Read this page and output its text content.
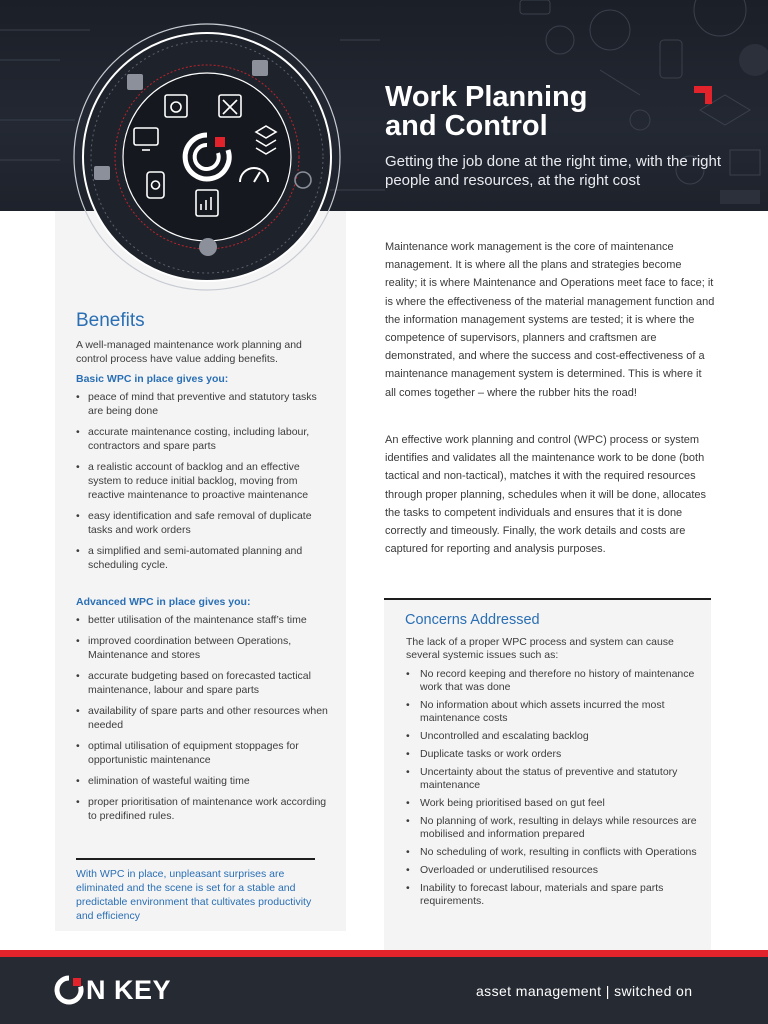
Work Planning
and Control
Getting the job done at the right time, with the right people and resources, at the right cost
Benefits
A well-managed maintenance work planning and control process have value adding benefits.
Basic WPC in place gives you:
• peace of mind that preventive and statutory tasks are being done
• accurate maintenance costing, including labour, contractors and spare parts
• a realistic account of backlog and an effective system to reduce initial backlog, moving from reactive maintenance to proactive maintenance
• easy identification and safe removal of duplicate tasks and work orders
• a simplified and semi-automated planning and scheduling cycle.
Advanced WPC in place gives you:
• better utilisation of the maintenance staff’s time
• improved coordination between Operations, Maintenance and stores
• accurate budgeting based on forecasted tactical maintenance, labour and spare parts
• availability of spare parts and other resources when needed
• optimal utilisation of equipment stoppages for opportunistic maintenance
• elimination of wasteful waiting time
• proper prioritisation of maintenance work according to predifined rules.
With WPC in place, unpleasant surprises are eliminated and the scene is set for a stable and predictable environment that cultivates productivity and efficiency

Maintenance work management is the core of maintenance management. It is where all the plans and strategies become reality; it is where Maintenance and Operations meet face to face; it is where the effectiveness of the material management function and the information management systems are tested; it is where the competence of supervisors, planners and craftsmen are demonstrated, and where the success and cost-effectiveness of a maintenance management system is determined. This is where it all comes together – where the rubber hits the road!

An effective work planning and control (WPC) process or system identifies and validates all the maintenance work to be done (both tactical and non-tactical), matches it with the required resources through proper planning, schedules when it will be done, allocates the tasks to competent individuals and ensures that it is done correctly and timeously. Finally, the work details and costs are captured for reporting and analysis purposes.

Concerns Addressed
The lack of a proper WPC process and system can cause several systemic issues such as:
• No record keeping and therefore no history of maintenance work that was done
• No information about which assets incurred the most maintenance costs
• Uncontrolled and escalating backlog
• Duplicate tasks or work orders
• Uncertainty about the status of preventive and statutory maintenance
• Work being prioritised based on gut feel
• No planning of work, resulting in delays while resources are mobilised and information prepared
• No scheduling of work, resulting in conflicts with Operations
• Overloaded or underutilised resources
• Inability to forecast labour, materials and spare parts requirements.
N KEY	asset management | switched on
